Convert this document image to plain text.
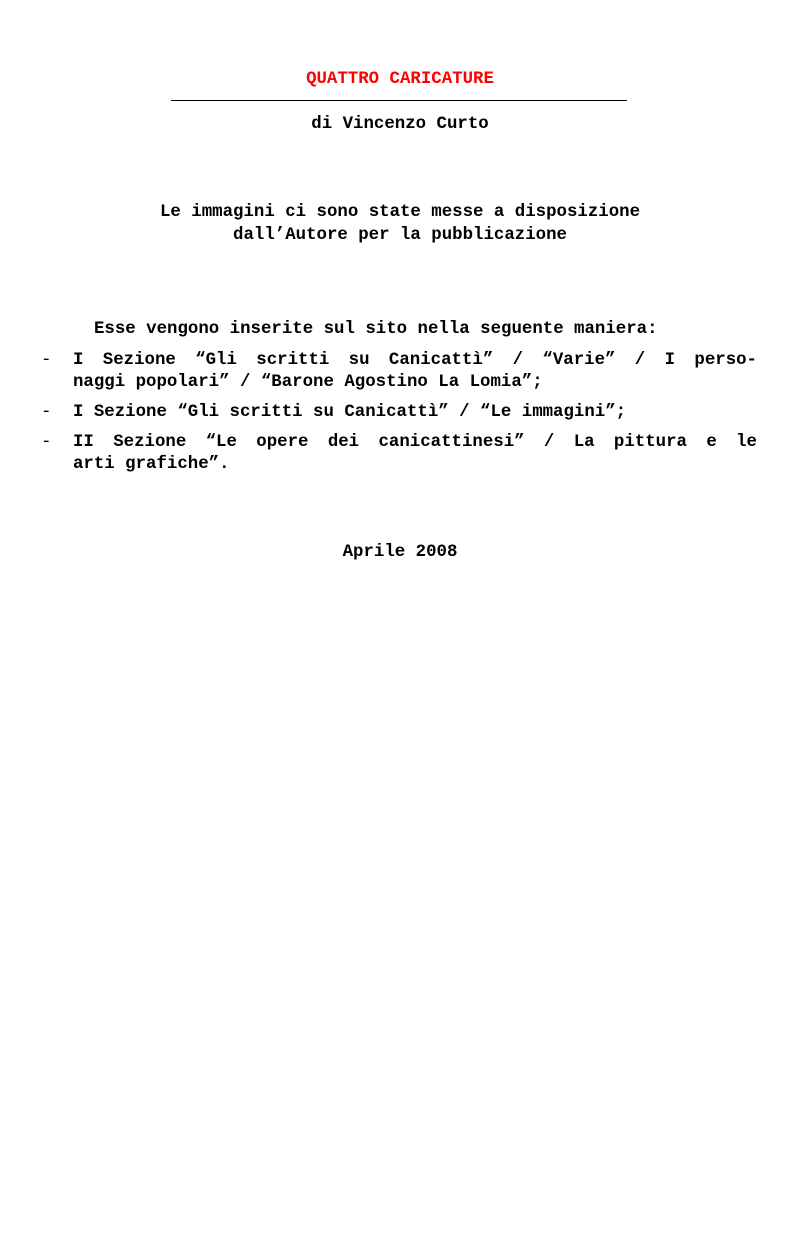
QUATTRO CARICATURE
di Vincenzo Curto
Le immagini ci sono state messe a disposizione
dall’Autore per la pubblicazione
Esse vengono inserite sul sito nella seguente maniera:
- I Sezione “Gli scritti su Canicattì” / “Varie” / I perso-
naggi popolari” / “Barone Agostino La Lomia”;
- I Sezione “Gli scritti su Canicattì” / “Le immagini”;
- II Sezione “Le opere dei canicattinesi” / La pittura e le
arti grafiche”.
Aprile 2008
